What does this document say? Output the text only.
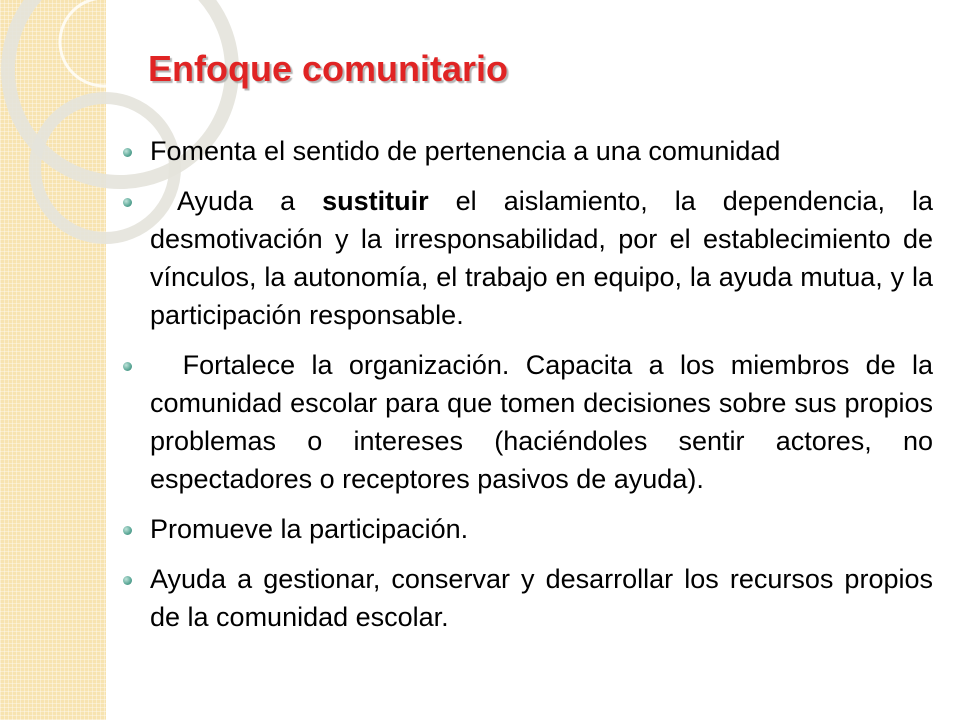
Enfoque comunitario
Fomenta el sentido de pertenencia a una comunidad
Ayuda a sustituir el aislamiento, la dependencia, la desmotivación y la irresponsabilidad, por el establecimiento de vínculos, la autonomía, el trabajo en equipo, la ayuda mutua, y la participación responsable.
Fortalece la organización. Capacita a los miembros de la comunidad escolar para que tomen decisiones sobre sus propios problemas o intereses (haciéndoles sentir actores, no espectadores o receptores pasivos de ayuda).
Promueve la participación.
Ayuda a gestionar, conservar y desarrollar los recursos propios de la comunidad escolar.
